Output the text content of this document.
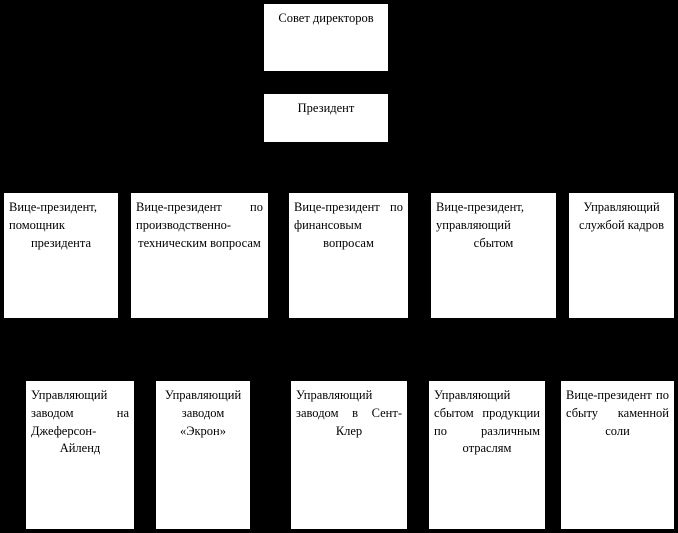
Совет директоров
Президент
Вице-президент, помощник президента
Вице-президент по производственно-техническим вопросам
Вице-президент по финансовым вопросам
Вице-президент, управляющий сбытом
Управляющий службой кадров
Управляющий заводом на Джеферсон-Айленд
Управляющий заводом «Экрон»
Управляющий заводом в Сент-Клер
Управляющий сбытом продукции по различным отраслям
Вице-президент по сбыту каменной соли
